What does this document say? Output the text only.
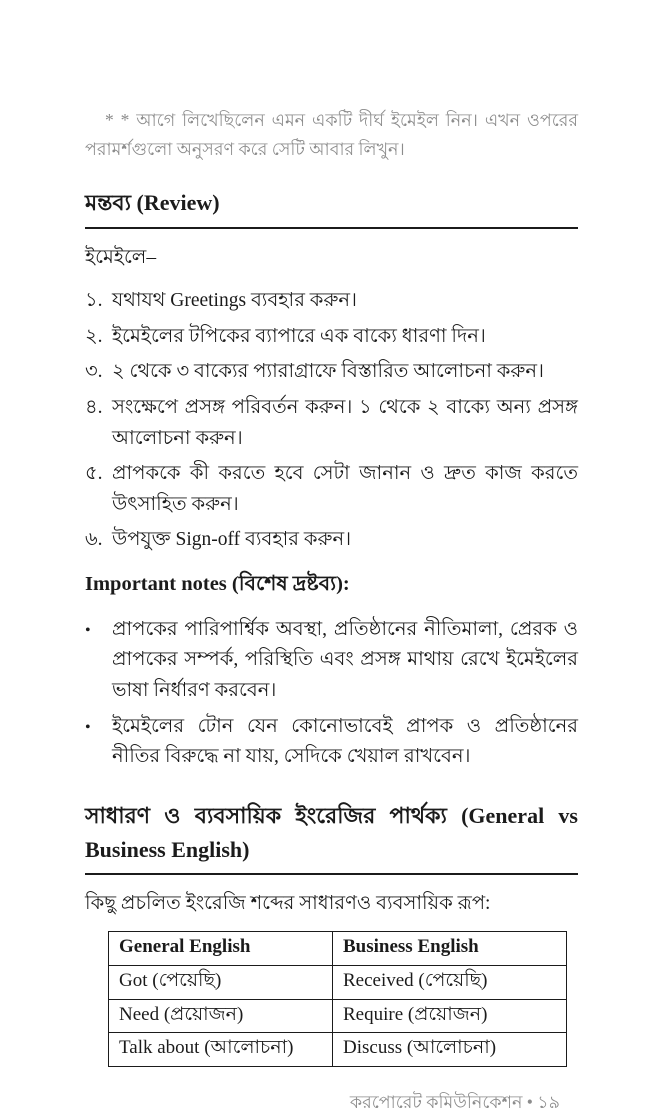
* * আগে লিখেছিলেন এমন একটি দীর্ঘ ইমেইল নিন। এখন ওপরের পরামর্শগুলো অনুসরণ করে সেটি আবার লিখুন।

মন্তব্য (Review)

ইমেইলে–

১. যথাযথ Greetings ব্যবহার করুন।
২. ইমেইলের টপিকের ব্যাপারে এক বাক্যে ধারণা দিন।
৩. ২ থেকে ৩ বাক্যের প্যারাগ্রাফে বিস্তারিত আলোচনা করুন।
৪. সংক্ষেপে প্রসঙ্গ পরিবর্তন করুন। ১ থেকে ২ বাক্যে অন্য প্রসঙ্গ আলোচনা করুন।
৫. প্রাপককে কী করতে হবে সেটা জানান ও দ্রুত কাজ করতে উৎসাহিত করুন।
৬. উপযুক্ত Sign-off ব্যবহার করুন।
Important notes (বিশেষ দ্রষ্টব্য):
•	প্রাপকের পারিপার্শ্বিক অবস্থা, প্রতিষ্ঠানের নীতিমালা, প্রেরক ও প্রাপকের সম্পর্ক, পরিস্থিতি এবং প্রসঙ্গ মাথায় রেখে ইমেইলের ভাষা নির্ধারণ করবেন।
•	ইমেইলের টোন যেন কোনোভাবেই প্রাপক ও প্রতিষ্ঠানের নীতির বিরুদ্ধে না যায়, সেদিকে খেয়াল রাখবেন।
সাধারণ ও ব্যবসায়িক ইংরেজির পার্থক্য (General vs Business English)

কিছু প্রচলিত ইংরেজি শব্দের সাধারণও ব্যবসায়িক রূপ:

General English	Business English
Got (পেয়েছি)	Received (পেয়েছি)
Need (প্রয়োজন)	Require (প্রয়োজন)
Talk about (আলোচনা)	Discuss (আলোচনা)

করপোরেট কমিউনিকেশন • ১৯
